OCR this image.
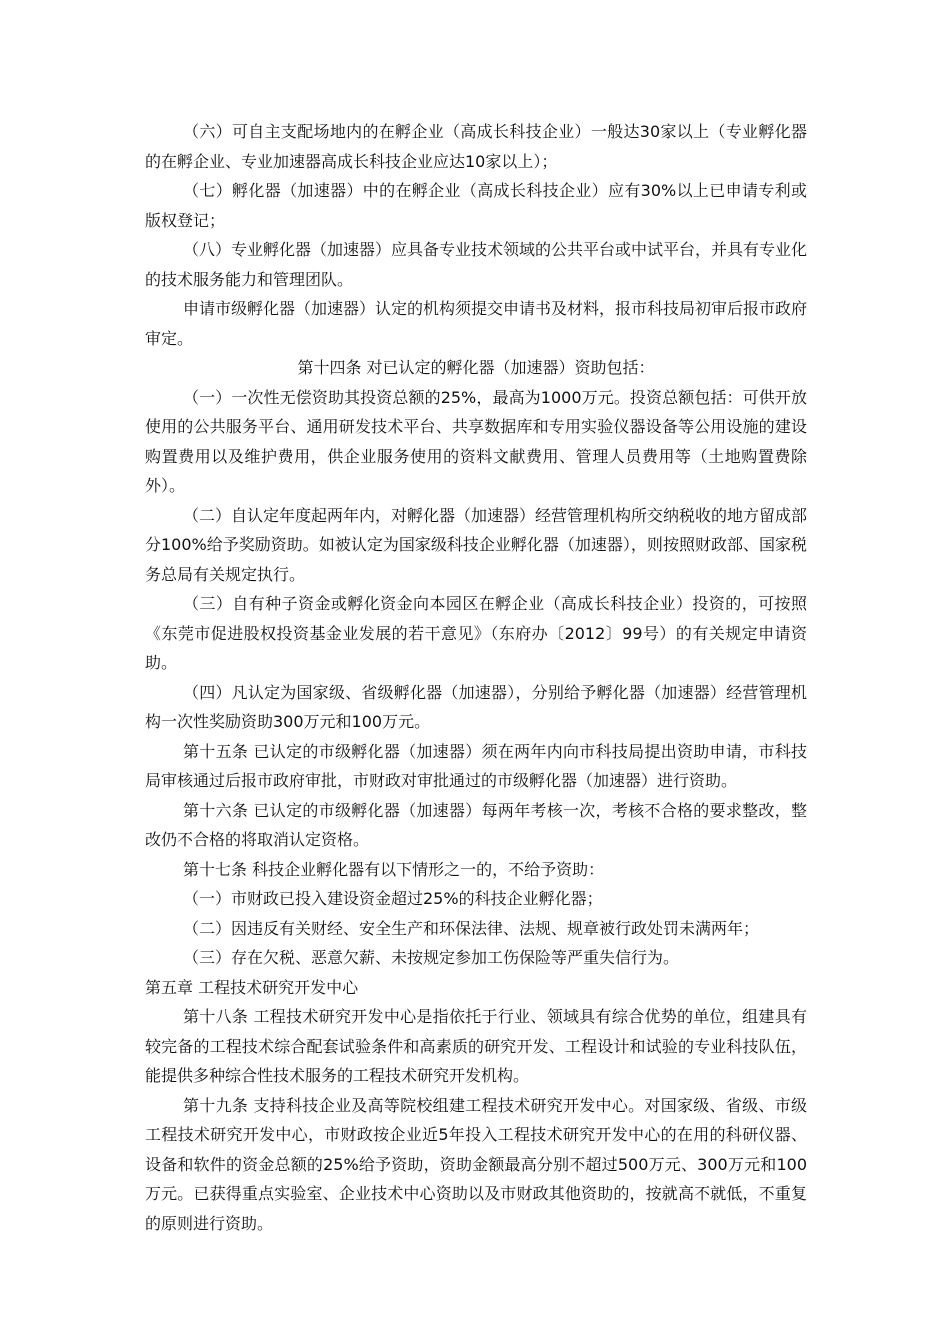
（六）可自主支配场地内的在孵企业（高成长科技企业）一般达30家以上（专业孵化器的在孵企业、专业加速器高成长科技企业应达10家以上）；

（七）孵化器（加速器）中的在孵企业（高成长科技企业）应有30%以上已申请专利或版权登记；

（八）专业孵化器（加速器）应具备专业技术领域的公共平台或中试平台，并具有专业化的技术服务能力和管理团队。

申请市级孵化器（加速器）认定的机构须提交申请书及材料，报市科技局初审后报市政府审定。

第十四条 对已认定的孵化器（加速器）资助包括：

（一）一次性无偿资助其投资总额的25%，最高为1000万元。投资总额包括：可供开放使用的公共服务平台、通用研发技术平台、共享数据库和专用实验仪器设备等公用设施的建设购置费用以及维护费用，供企业服务使用的资料文献费用、管理人员费用等（土地购置费除外）。

（二）自认定年度起两年内，对孵化器（加速器）经营管理机构所交纳税收的地方留成部分100%给予奖励资助。如被认定为国家级科技企业孵化器（加速器），则按照财政部、国家税务总局有关规定执行。

（三）自有种子资金或孵化资金向本园区在孵企业（高成长科技企业）投资的，可按照《东莞市促进股权投资基金业发展的若干意见》（东府办〔2012〕99号）的有关规定申请资助。

（四）凡认定为国家级、省级孵化器（加速器），分别给予孵化器（加速器）经营管理机构一次性奖励资助300万元和100万元。

第十五条 已认定的市级孵化器（加速器）须在两年内向市科技局提出资助申请，市科技局审核通过后报市政府审批，市财政对审批通过的市级孵化器（加速器）进行资助。

第十六条 已认定的市级孵化器（加速器）每两年考核一次，考核不合格的要求整改，整改仍不合格的将取消认定资格。

第十七条 科技企业孵化器有以下情形之一的，不给予资助：

（一）市财政已投入建设资金超过25%的科技企业孵化器；

（二）因违反有关财经、安全生产和环保法律、法规、规章被行政处罚未满两年；

（三）存在欠税、恶意欠薪、未按规定参加工伤保险等严重失信行为。

第五章 工程技术研究开发中心

第十八条 工程技术研究开发中心是指依托于行业、领域具有综合优势的单位，组建具有较完备的工程技术综合配套试验条件和高素质的研究开发、工程设计和试验的专业科技队伍，能提供多种综合性技术服务的工程技术研究开发机构。

第十九条 支持科技企业及高等院校组建工程技术研究开发中心。对国家级、省级、市级工程技术研究开发中心，市财政按企业近5年投入工程技术研究开发中心的在用的科研仪器、设备和软件的资金总额的25%给予资助，资助金额最高分别不超过500万元、300万元和100万元。已获得重点实验室、企业技术中心资助以及市财政其他资助的，按就高不就低，不重复的原则进行资助。
